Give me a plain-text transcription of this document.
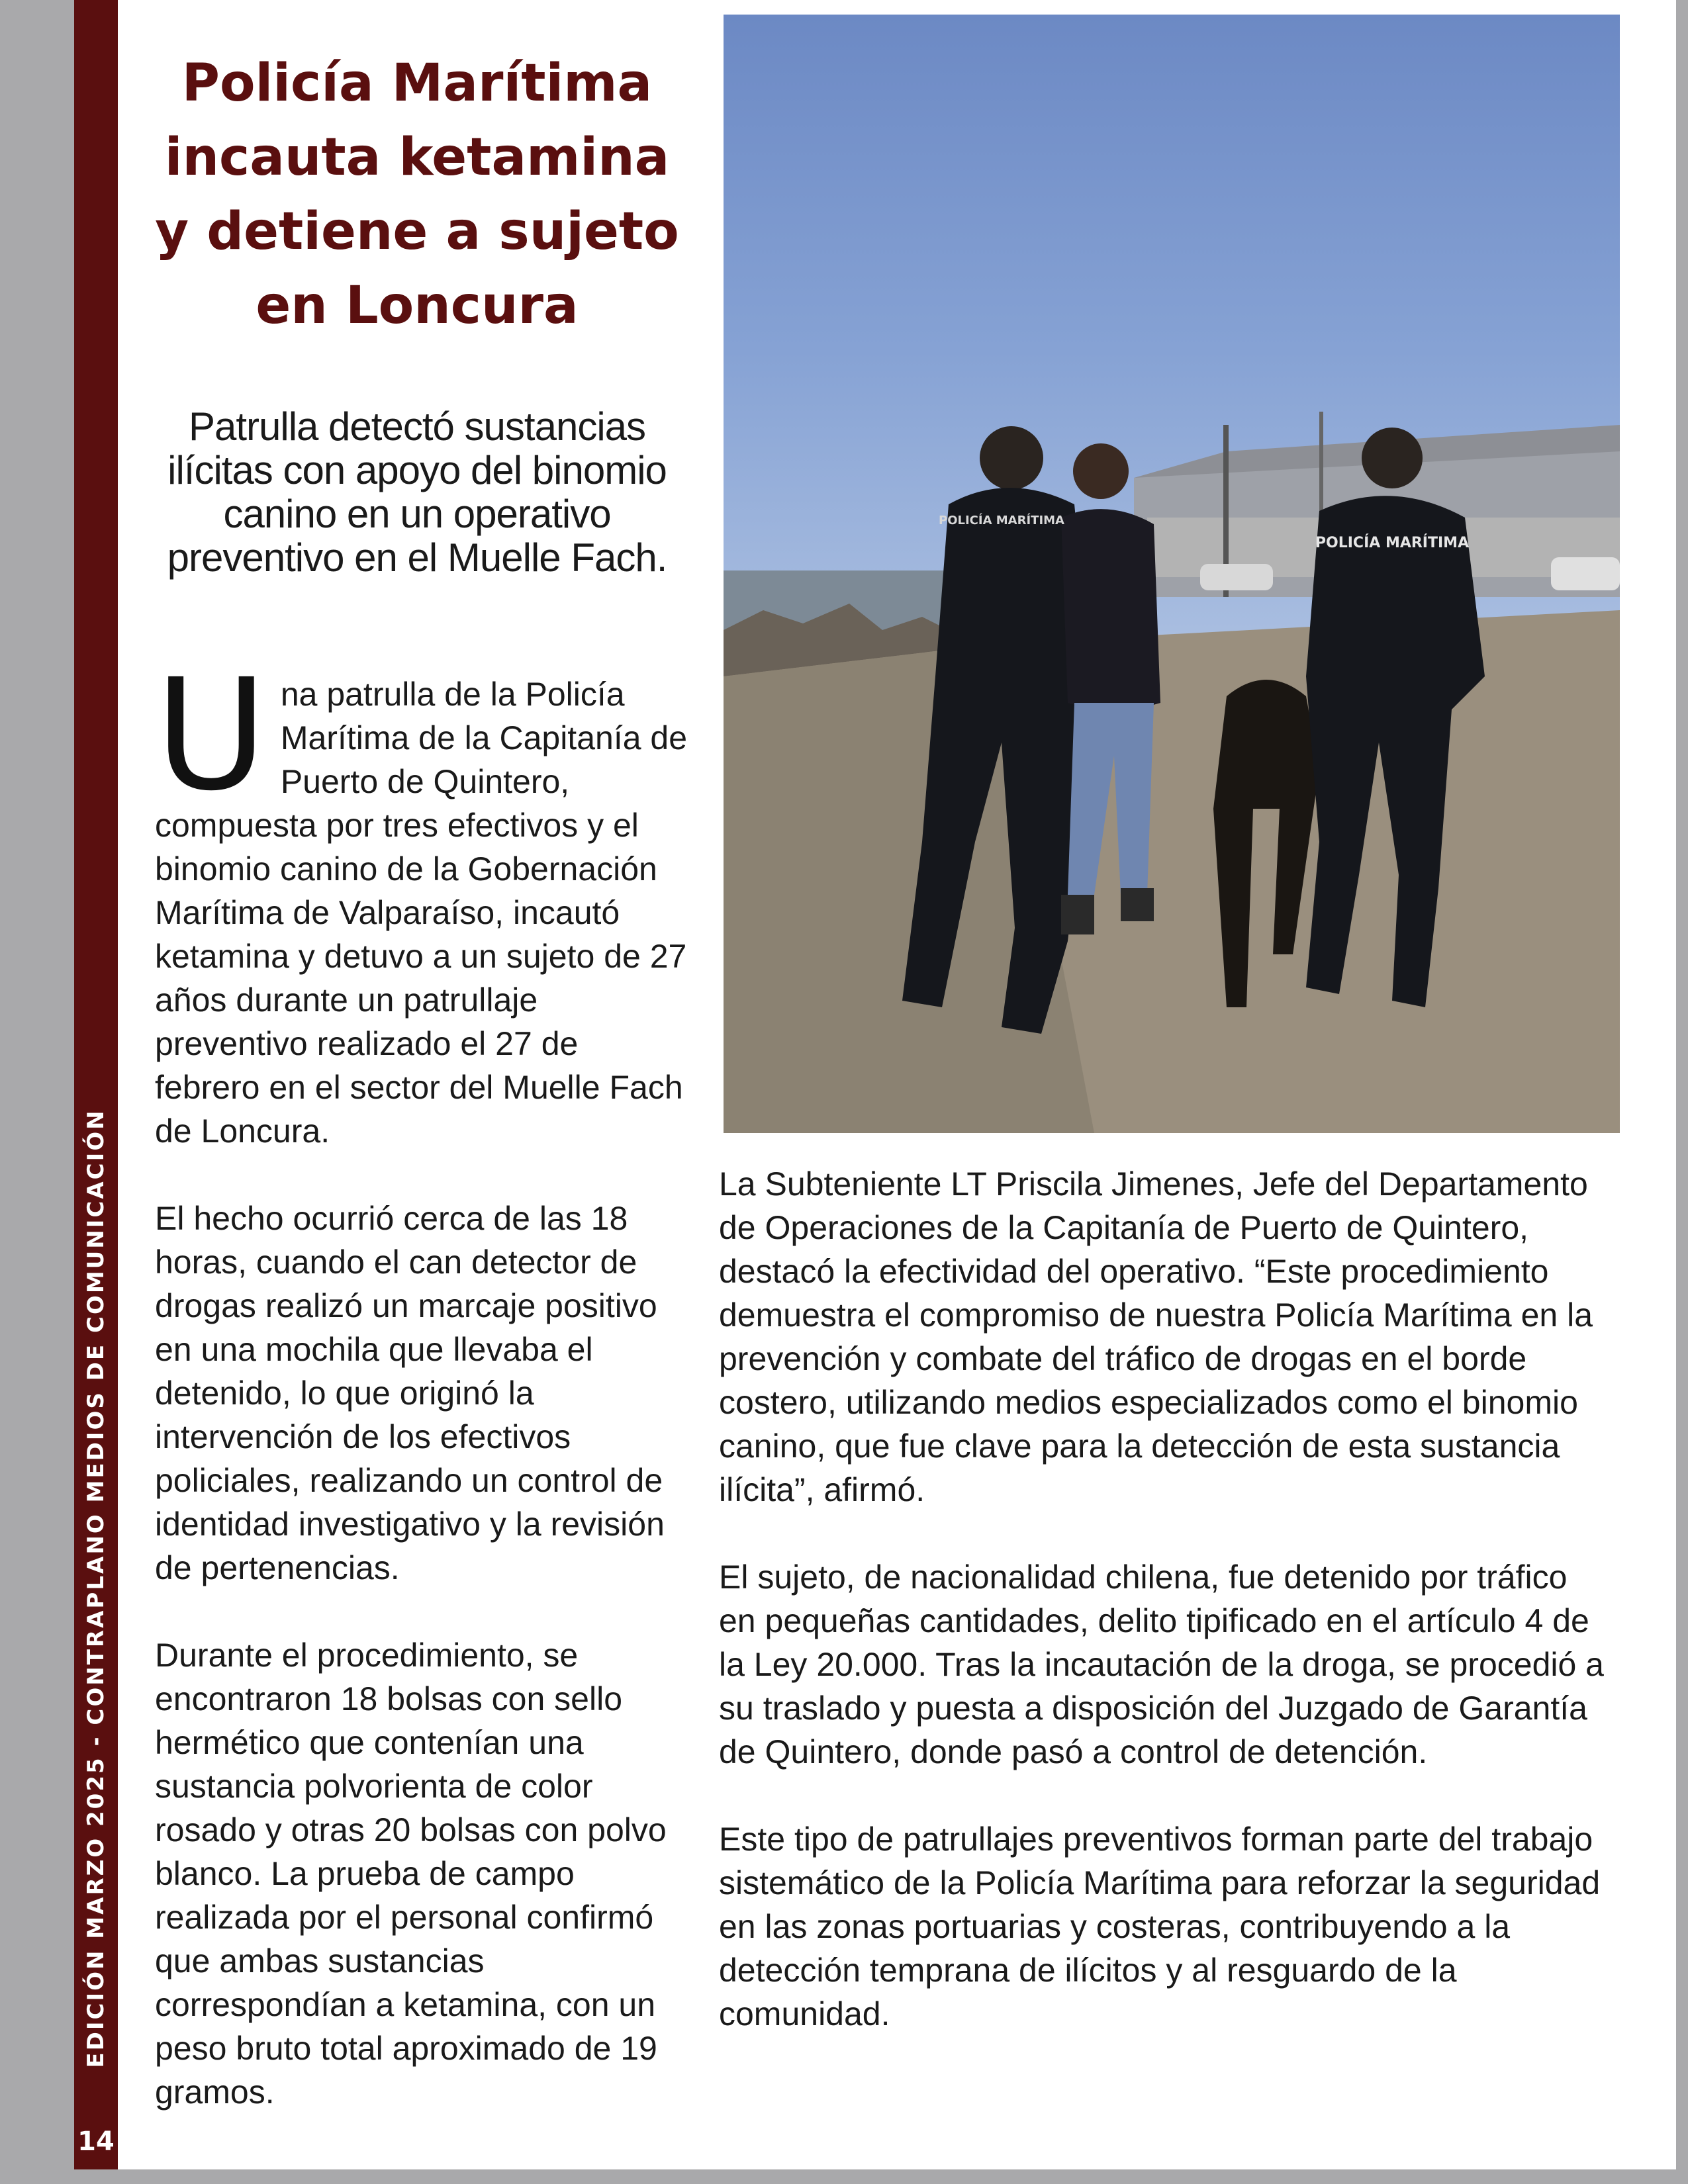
EDICIÓN MARZO 2025 - CONTRAPLANO MEDIOS DE COMUNICACIÓN
14
Policía Marítima
incauta ketamina
y detiene a sujeto
en Loncura
Patrulla detectó sustancias
ilícitas con apoyo del binomio
canino en un operativo
preventivo en el Muelle Fach.

Una patrulla de la Policía Marítima de la Capitanía de Puerto de Quintero, compuesta por tres efectivos y el binomio canino de la Gobernación Marítima de Valparaíso, incautó ketamina y detuvo a un sujeto de 27 años durante un patrullaje preventivo realizado el 27 de febrero en el sector del Muelle Fach de Loncura.

El hecho ocurrió cerca de las 18 horas, cuando el can detector de drogas realizó un marcaje positivo en una mochila que llevaba el detenido, lo que originó la intervención de los efectivos policiales, realizando un control de identidad investigativo y la revisión de pertenencias.

Durante el procedimiento, se encontraron 18 bolsas con sello hermético que contenían una sustancia polvorienta de color rosado y otras 20 bolsas con polvo blanco. La prueba de campo realizada por el personal confirmó que ambas sustancias correspondían a ketamina, con un peso bruto total aproximado de 19 gramos.

POLICÍA MARÍTIMA
POLICÍA MARÍTIMA

La Subteniente LT Priscila Jimenes, Jefe del Departamento de Operaciones de la Capitanía de Puerto de Quintero, destacó la efectividad del operativo. “Este procedimiento demuestra el compromiso de nuestra Policía Marítima en la prevención y combate del tráfico de drogas en el borde costero, utilizando medios especializados como el binomio canino, que fue clave para la detección de esta sustancia ilícita”, afirmó.

El sujeto, de nacionalidad chilena, fue detenido por tráfico en pequeñas cantidades, delito tipificado en el artículo 4 de la Ley 20.000. Tras la incautación de la droga, se procedió a su traslado y puesta a disposición del Juzgado de Garantía de Quintero, donde pasó a control de detención.

Este tipo de patrullajes preventivos forman parte del trabajo sistemático de la Policía Marítima para reforzar la seguridad en las zonas portuarias y costeras, contribuyendo a la detección temprana de ilícitos y al resguardo de la comunidad.
